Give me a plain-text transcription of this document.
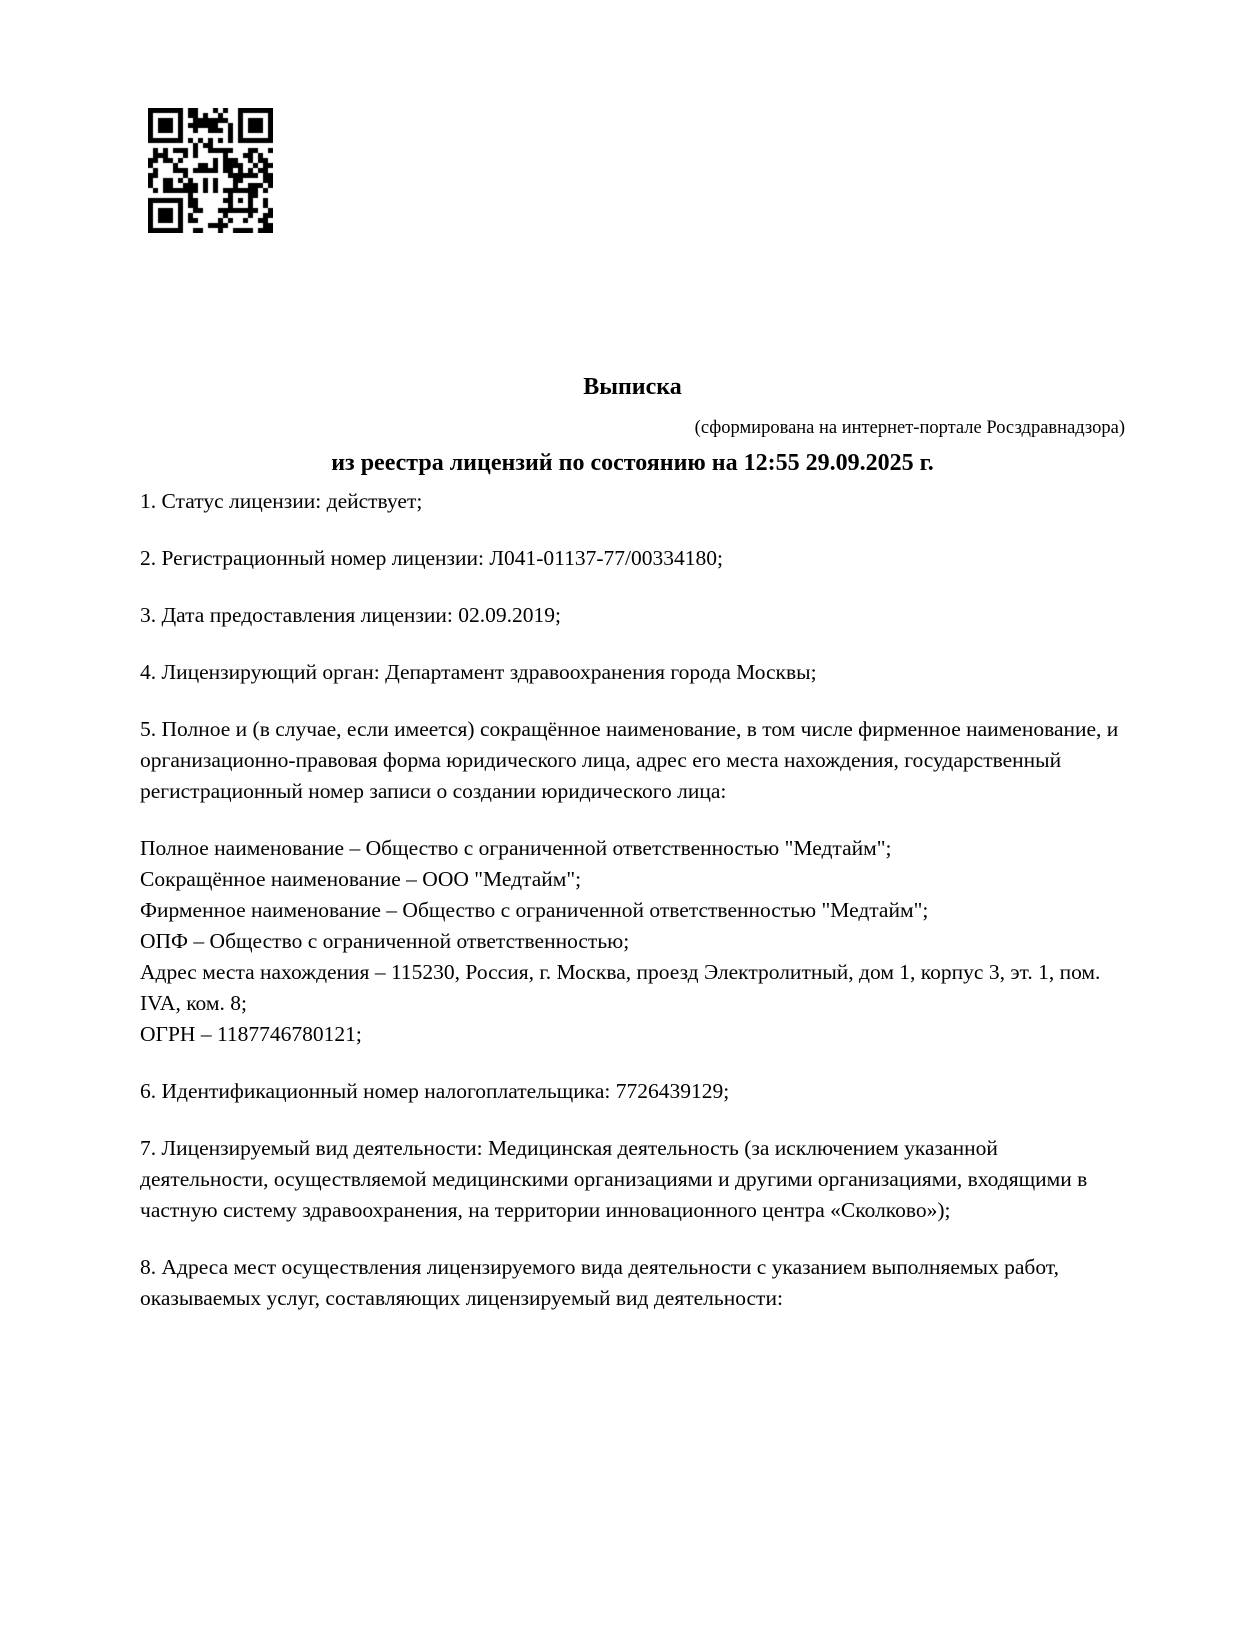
Выписка

из реестра лицензий по состоянию на 12:55 29.09.2025 г.

(сформирована на интернет-портале Росздравнадзора)

1. Статус лицензии: действует;

2. Регистрационный номер лицензии: Л041-01137-77/00334180;

3. Дата предоставления лицензии: 02.09.2019;

4. Лицензирующий орган: Департамент здравоохранения города Москвы;

5. Полное и (в случае, если имеется) сокращённое наименование, в том числе фирменное наименование, и организационно-правовая форма юридического лица, адрес его места нахождения, государственный регистрационный номер записи о создании юридического лица:

Полное наименование – Общество с ограниченной ответственностью "Медтайм";
Сокращённое наименование – ООО "Медтайм";
Фирменное наименование – Общество с ограниченной ответственностью "Медтайм";
ОПФ – Общество с ограниченной ответственностью;
Адрес места нахождения – 115230, Россия, г. Москва, проезд Электролитный, дом 1, корпус 3, эт. 1, пом. IVA, ком. 8;
ОГРН – 1187746780121;

6. Идентификационный номер налогоплательщика: 7726439129;

7. Лицензируемый вид деятельности: Медицинская деятельность (за исключением указанной деятельности, осуществляемой медицинскими организациями и другими организациями, входящими в частную систему здравоохранения, на территории инновационного центра «Сколково»);

8. Адреса мест осуществления лицензируемого вида деятельности с указанием выполняемых работ, оказываемых услуг, составляющих лицензируемый вид деятельности:
